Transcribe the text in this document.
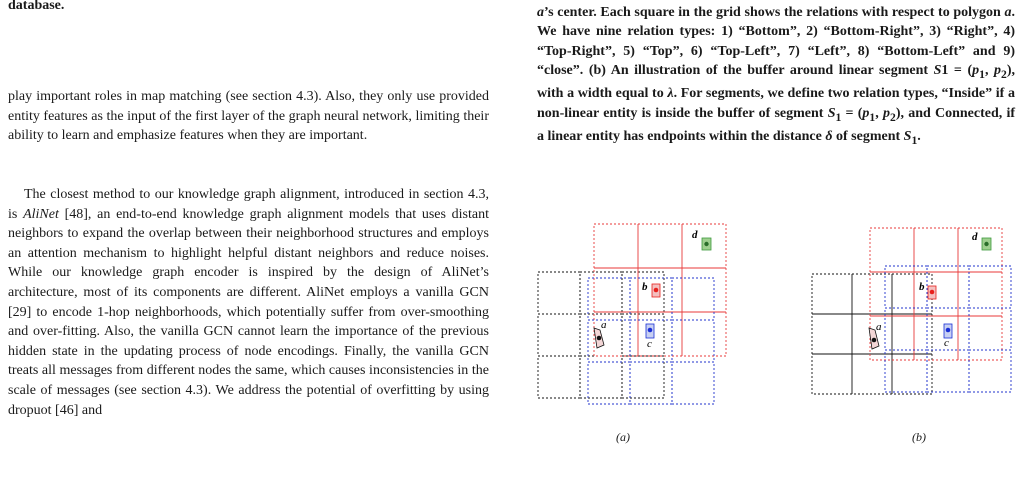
database.

play important roles in map matching (see section 4.3). Also, they only use provided entity features as the input of the first layer of the graph neural network, limiting their ability to learn and emphasize features when they are important.

The closest method to our knowledge graph alignment, introduced in section 4.3, is AliNet [48], an end-to-end knowledge graph alignment models that uses distant neighbors to expand the overlap between their neighborhood structures and employs an attention mechanism to highlight helpful distant neighbors and reduce noises. While our knowledge graph encoder is inspired by the design of AliNet’s architecture, most of its components are different. AliNet employs a vanilla GCN [29] to encode 1-hop neighborhoods, which potentially suffer from over-smoothing and over-fitting. Also, the vanilla GCN cannot learn the importance of the previous hidden state in the updating process of node encodings. Finally, the vanilla GCN treats all messages from different nodes the same, which causes inconsistencies in the scale of messages (see section 4.3). We address the potential of overfitting by using dropuot [46] and

a’s center. Each square in the grid shows the relations with respect to polygon a. We have nine relation types: 1) “Bottom”, 2) “Bottom-Right”, 3) “Right”, 4) “Top-Right”, 5) “Top”, 6) “Top-Left”, 7) “Left”, 8) “Bottom-Left” and 9) “close”. (b) An illustration of the buffer around linear segment $S1 = (p_1$, $p_2$), with a width equal to λ. For segments, we define two relation types, “Inside” if a non-linear entity is inside the buffer of segment $S_1 = (p_1$, $p_2$), and Connected, if a linear entity has endpoints within the distance δ of segment $S_1$.

a
b
c
d
a
b
c
d
(a)	(b)
